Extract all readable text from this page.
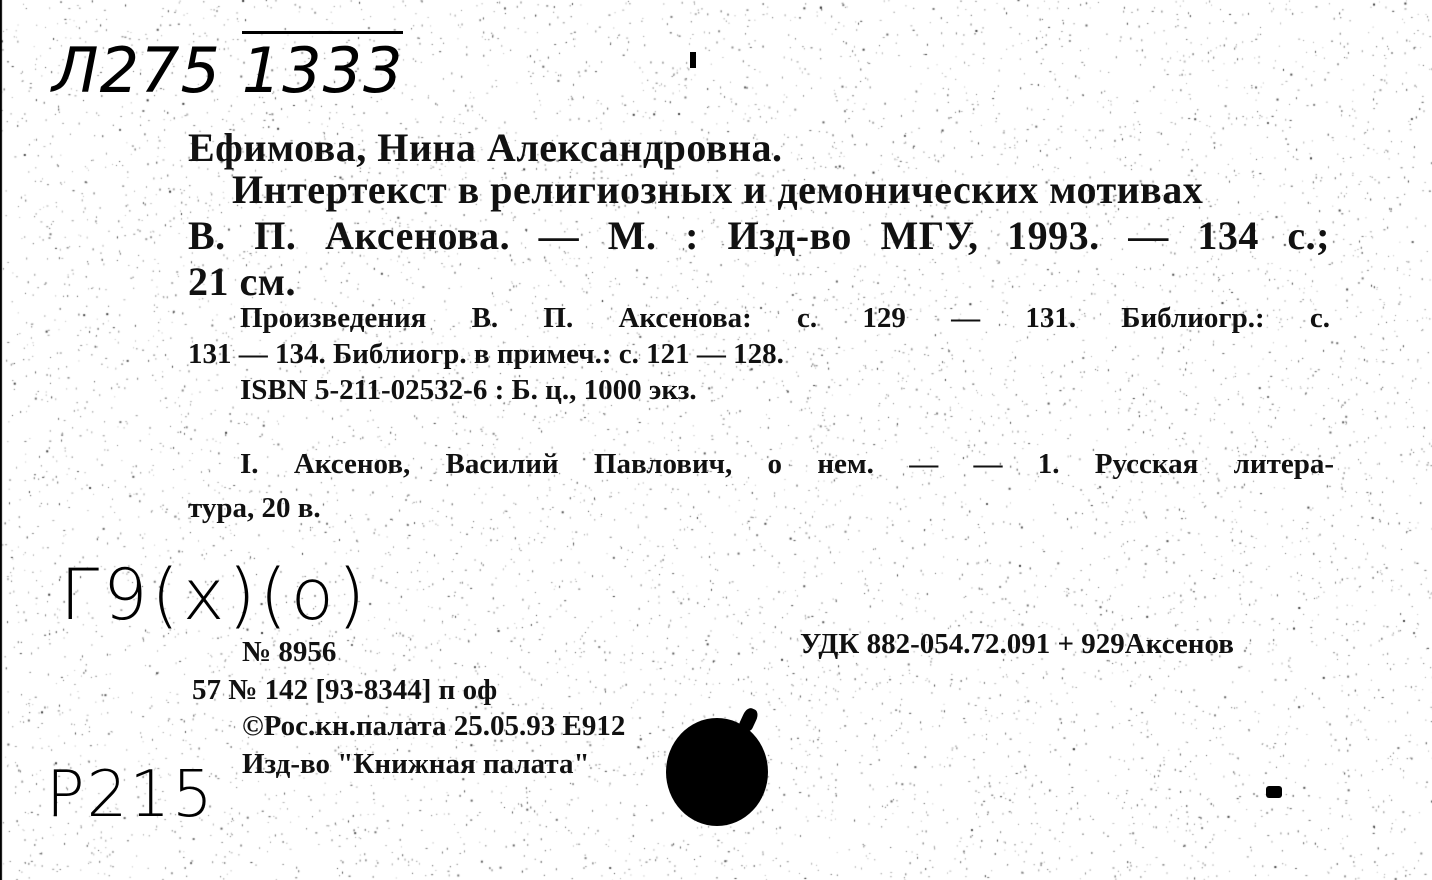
Л275 1333
Г9(х)(о)
Р215
Ефимова, Нина Александровна.
Интертекст в религиозных и демонических мотивах
В. П. Аксенова. — М. : Изд-во МГУ, 1993. — 134 с.;
21 см.
Произведения В. П. Аксенова: с. 129 — 131. Библиогр.: с.
131 — 134. Библиогр. в примеч.: с. 121 — 128.
ISBN 5-211-02532-6 : Б. ц., 1000 экз.
I. Аксенов, Василий Павлович, о нем. — — 1. Русская литера-
тура, 20 в.
№ 8956	УДК 882-054.72.091 + 929Аксенов
57 № 142 [93-8344] п оф
©Рос.кн.палата 25.05.93 Е912
Изд-во "Книжная палата"
